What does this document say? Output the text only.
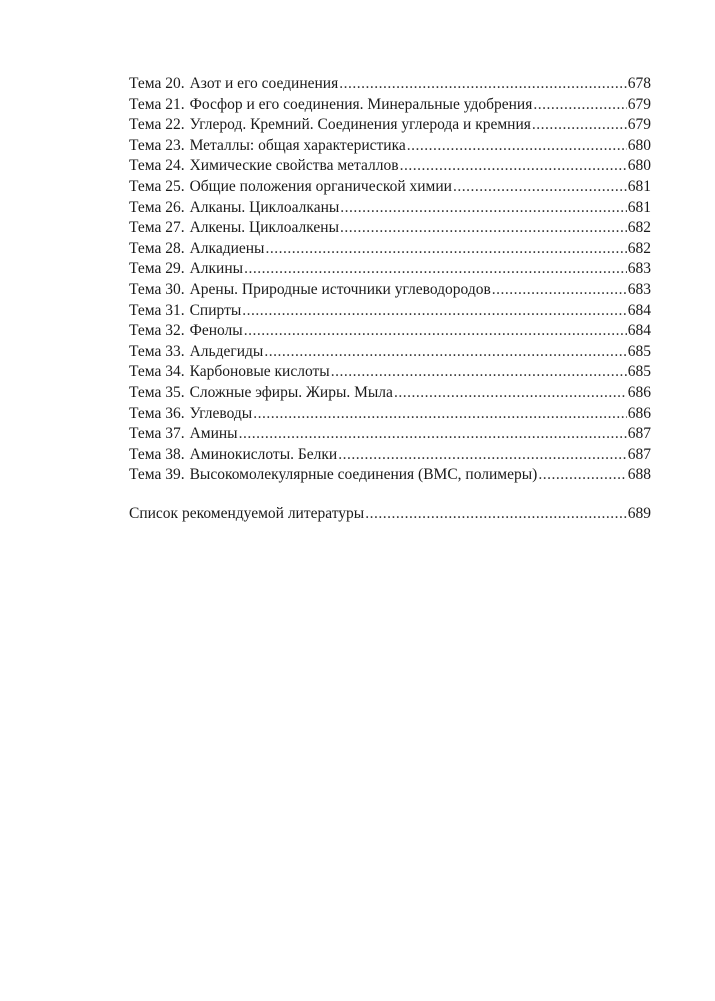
Тема 20. Азот и его соединения .....	678
Тема 21. Фосфор и его соединения. Минеральные удобрения .....	679
Тема 22. Углерод. Кремний. Соединения углерода и кремния .....	679
Тема 23. Металлы: общая характеристика .....	680
Тема 24. Химические свойства металлов .....	680
Тема 25. Общие положения органической химии .....	681
Тема 26. Алканы. Циклоалканы .....	681
Тема 27. Алкены. Циклоалкены .....	682
Тема 28. Алкадиены .....	682
Тема 29. Алкины .....	683
Тема 30. Арены. Природные источники углеводородов .....	683
Тема 31. Спирты .....	684
Тема 32. Фенолы .....	684
Тема 33. Альдегиды .....	685
Тема 34. Карбоновые кислоты .....	685
Тема 35. Сложные эфиры. Жиры. Мыла .....	686
Тема 36. Углеводы .....	686
Тема 37. Амины .....	687
Тема 38. Аминокислоты. Белки .....	687
Тема 39. Высокомолекулярные соединения (ВМС, полимеры) .....	688
Список рекомендуемой литературы .....	689
